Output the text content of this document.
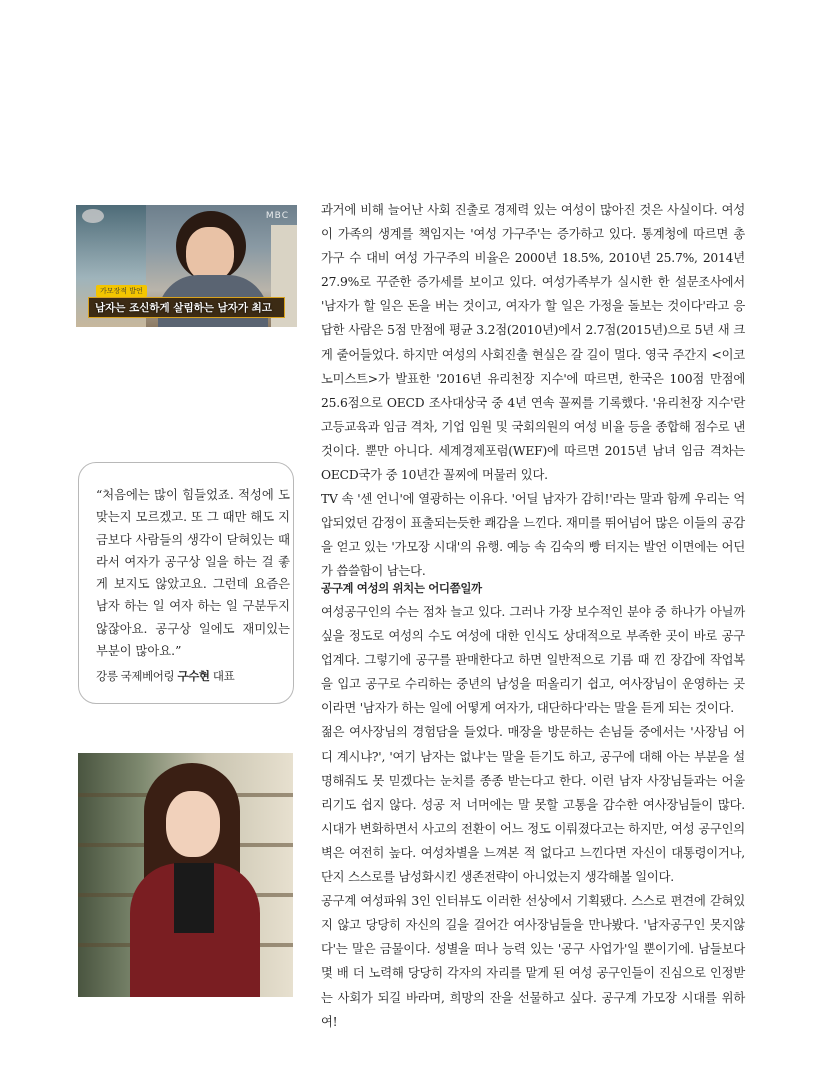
MBC
가모장적 발언
남자는 조신하게 살림하는 남자가 최고
“처음에는 많이 힘들었죠. 적성에 도 맞는지 모르겠고. 또 그 때만 해도 지금보다 사람들의 생각이 닫혀있는 때라서 여자가 공구상 일을 하는 걸 좋게 보지도 않았고요. 그런데 요즘은 남자 하는 일 여자 하는 일 구분두지 않잖아요. 공구상 일에도 재미있는 부분이 많아요.”
강릉 국제베어링 구수현 대표

과거에 비해 늘어난 사회 진출로 경제력 있는 여성이 많아진 것은 사실이다. 여성이 가족의 생계를 책임지는 '여성 가구주'는 증가하고 있다. 통계청에 따르면 총 가구 수 대비 여성 가구주의 비율은 2000년 18.5%, 2010년 25.7%, 2014년 27.9%로 꾸준한 증가세를 보이고 있다. 여성가족부가 실시한 한 설문조사에서 '남자가 할 일은 돈을 버는 것이고, 여자가 할 일은 가정을 돌보는 것이다'라고 응답한 사람은 5점 만점에 평균 3.2점(2010년)에서 2.7점(2015년)으로 5년 새 크게 줄어들었다. 하지만 여성의 사회진출 현실은 갈 길이 멀다. 영국 주간지 <이코노미스트>가 발표한 '2016년 유리천장 지수'에 따르면, 한국은 100점 만점에 25.6점으로 OECD 조사대상국 중 4년 연속 꼴찌를 기록했다. '유리천장 지수'란 고등교육과 임금 격차, 기업 임원 및 국회의원의 여성 비율 등을 종합해 점수로 낸 것이다. 뿐만 아니다. 세계경제포럼(WEF)에 따르면 2015년 남녀 임금 격차는 OECD국가 중 10년간 꼴찌에 머물러 있다.

TV 속 '센 언니'에 열광하는 이유다. '어딜 남자가 감히!'라는 말과 함께 우리는 억압되었던 감정이 표출되는듯한 쾌감을 느낀다. 재미를 뛰어넘어 많은 이들의 공감을 얻고 있는 '가모장 시대'의 유행. 예능 속 김숙의 빵 터지는 발언 이면에는 어딘가 씁쓸함이 남는다.

공구계 여성의 위치는 어디쯤일까

여성공구인의 수는 점차 늘고 있다. 그러나 가장 보수적인 분야 중 하나가 아닐까 싶을 정도로 여성의 수도 여성에 대한 인식도 상대적으로 부족한 곳이 바로 공구업계다. 그렇기에 공구를 판매한다고 하면 일반적으로 기름 때 낀 장갑에 작업복을 입고 공구로 수리하는 중년의 남성을 떠올리기 쉽고, 여사장님이 운영하는 곳이라면 '남자가 하는 일에 어떻게 여자가, 대단하다'라는 말을 듣게 되는 것이다.

젊은 여사장님의 경험담을 들었다. 매장을 방문하는 손님들 중에서는 '사장님 어디 계시냐?', '여기 남자는 없냐'는 말을 듣기도 하고, 공구에 대해 아는 부분을 설명해줘도 못 믿겠다는 눈치를 종종 받는다고 한다. 이런 남자 사장님들과는 어울리기도 쉽지 않다. 성공 저 너머에는 말 못할 고통을 감수한 여사장님들이 많다. 시대가 변화하면서 사고의 전환이 어느 정도 이뤄졌다고는 하지만, 여성 공구인의 벽은 여전히 높다. 여성차별을 느껴본 적 없다고 느낀다면 자신이 대통령이거나, 단지 스스로를 남성화시킨 생존전략이 아니었는지 생각해볼 일이다.

공구계 여성파워 3인 인터뷰도 이러한 선상에서 기획됐다. 스스로 편견에 갇혀있지 않고 당당히 자신의 길을 걸어간 여사장님들을 만나봤다. '남자공구인 못지않다'는 말은 금물이다. 성별을 떠나 능력 있는 '공구 사업가'일 뿐이기에. 남들보다 몇 배 더 노력해 당당히 각자의 자리를 맡게 된 여성 공구인들이 진심으로 인정받는 사회가 되길 바라며, 희망의 잔을 선물하고 싶다. 공구계 가모장 시대를 위하여!
